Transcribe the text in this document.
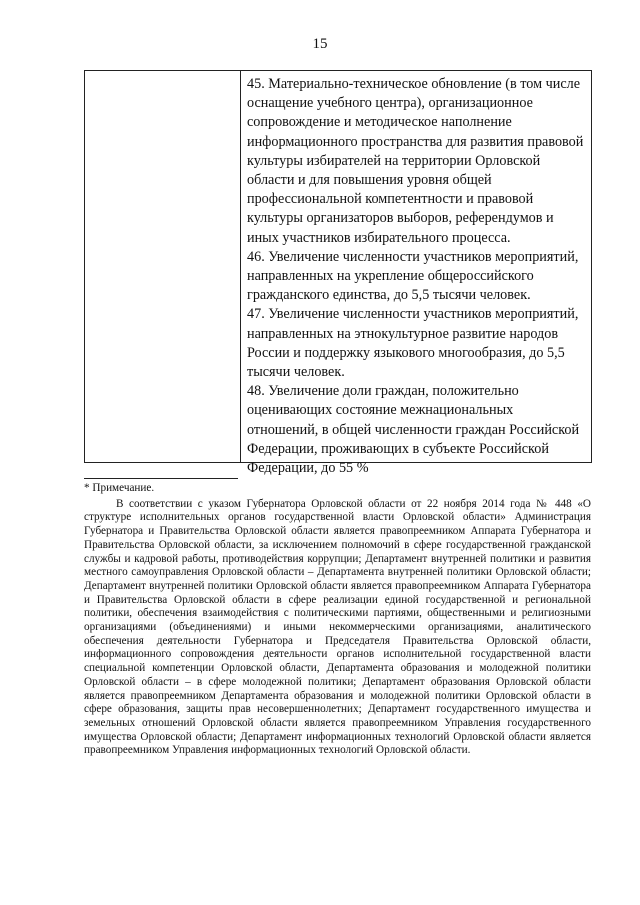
15

45. Материально-техническое обновление (в том числе оснащение учебного центра), организационное сопровождение и методическое наполнение информационного пространства для развития правовой культуры избирателей на территории Орловской области и для повышения уровня общей профессиональной компетентности и правовой культуры организаторов выборов, референдумов и иных участников избирательного процесса.

46. Увеличение численности участников мероприятий, направленных на укрепление общероссийского гражданского единства, до 5,5 тысячи человек.

47. Увеличение численности участников мероприятий, направленных на этнокультурное развитие народов России и поддержку языкового многообразия, до 5,5 тысячи человек.

48. Увеличение доли граждан, положительно оценивающих состояние межнациональных отношений, в общей численности граждан Российской Федерации, проживающих в субъекте Российской Федерации, до 55 %

* Примечание.

В соответствии с указом Губернатора Орловской области от 22 ноября 2014 года № 448 «О структуре исполнительных органов государственной власти Орловской области» Администрация Губернатора и Правительства Орловской области является правопреемником Аппарата Губернатора и Правительства Орловской области, за исключением полномочий в сфере государственной гражданской службы и кадровой работы, противодействия коррупции; Департамент внутренней политики и развития местного самоуправления Орловской области – Департамента внутренней политики Орловской области; Департамент внутренней политики Орловской области является правопреемником Аппарата Губернатора и Правительства Орловской области в сфере реализации единой государственной и региональной политики, обеспечения взаимодействия с политическими партиями, общественными и религиозными организациями (объединениями) и иными некоммерческими организациями, аналитического обеспечения деятельности Губернатора и Председателя Правительства Орловской области, информационного сопровождения деятельности органов исполнительной государственной власти специальной компетенции Орловской области, Департамента образования и молодежной политики Орловской области – в сфере молодежной политики; Департамент образования Орловской области является правопреемником Департамента образования и молодежной политики Орловской области в сфере образования, защиты прав несовершеннолетних; Департамент государственного имущества и земельных отношений Орловской области является правопреемником Управления государственного имущества Орловской области; Департамент информационных технологий Орловской области является правопреемником Управления информационных технологий Орловской области.
